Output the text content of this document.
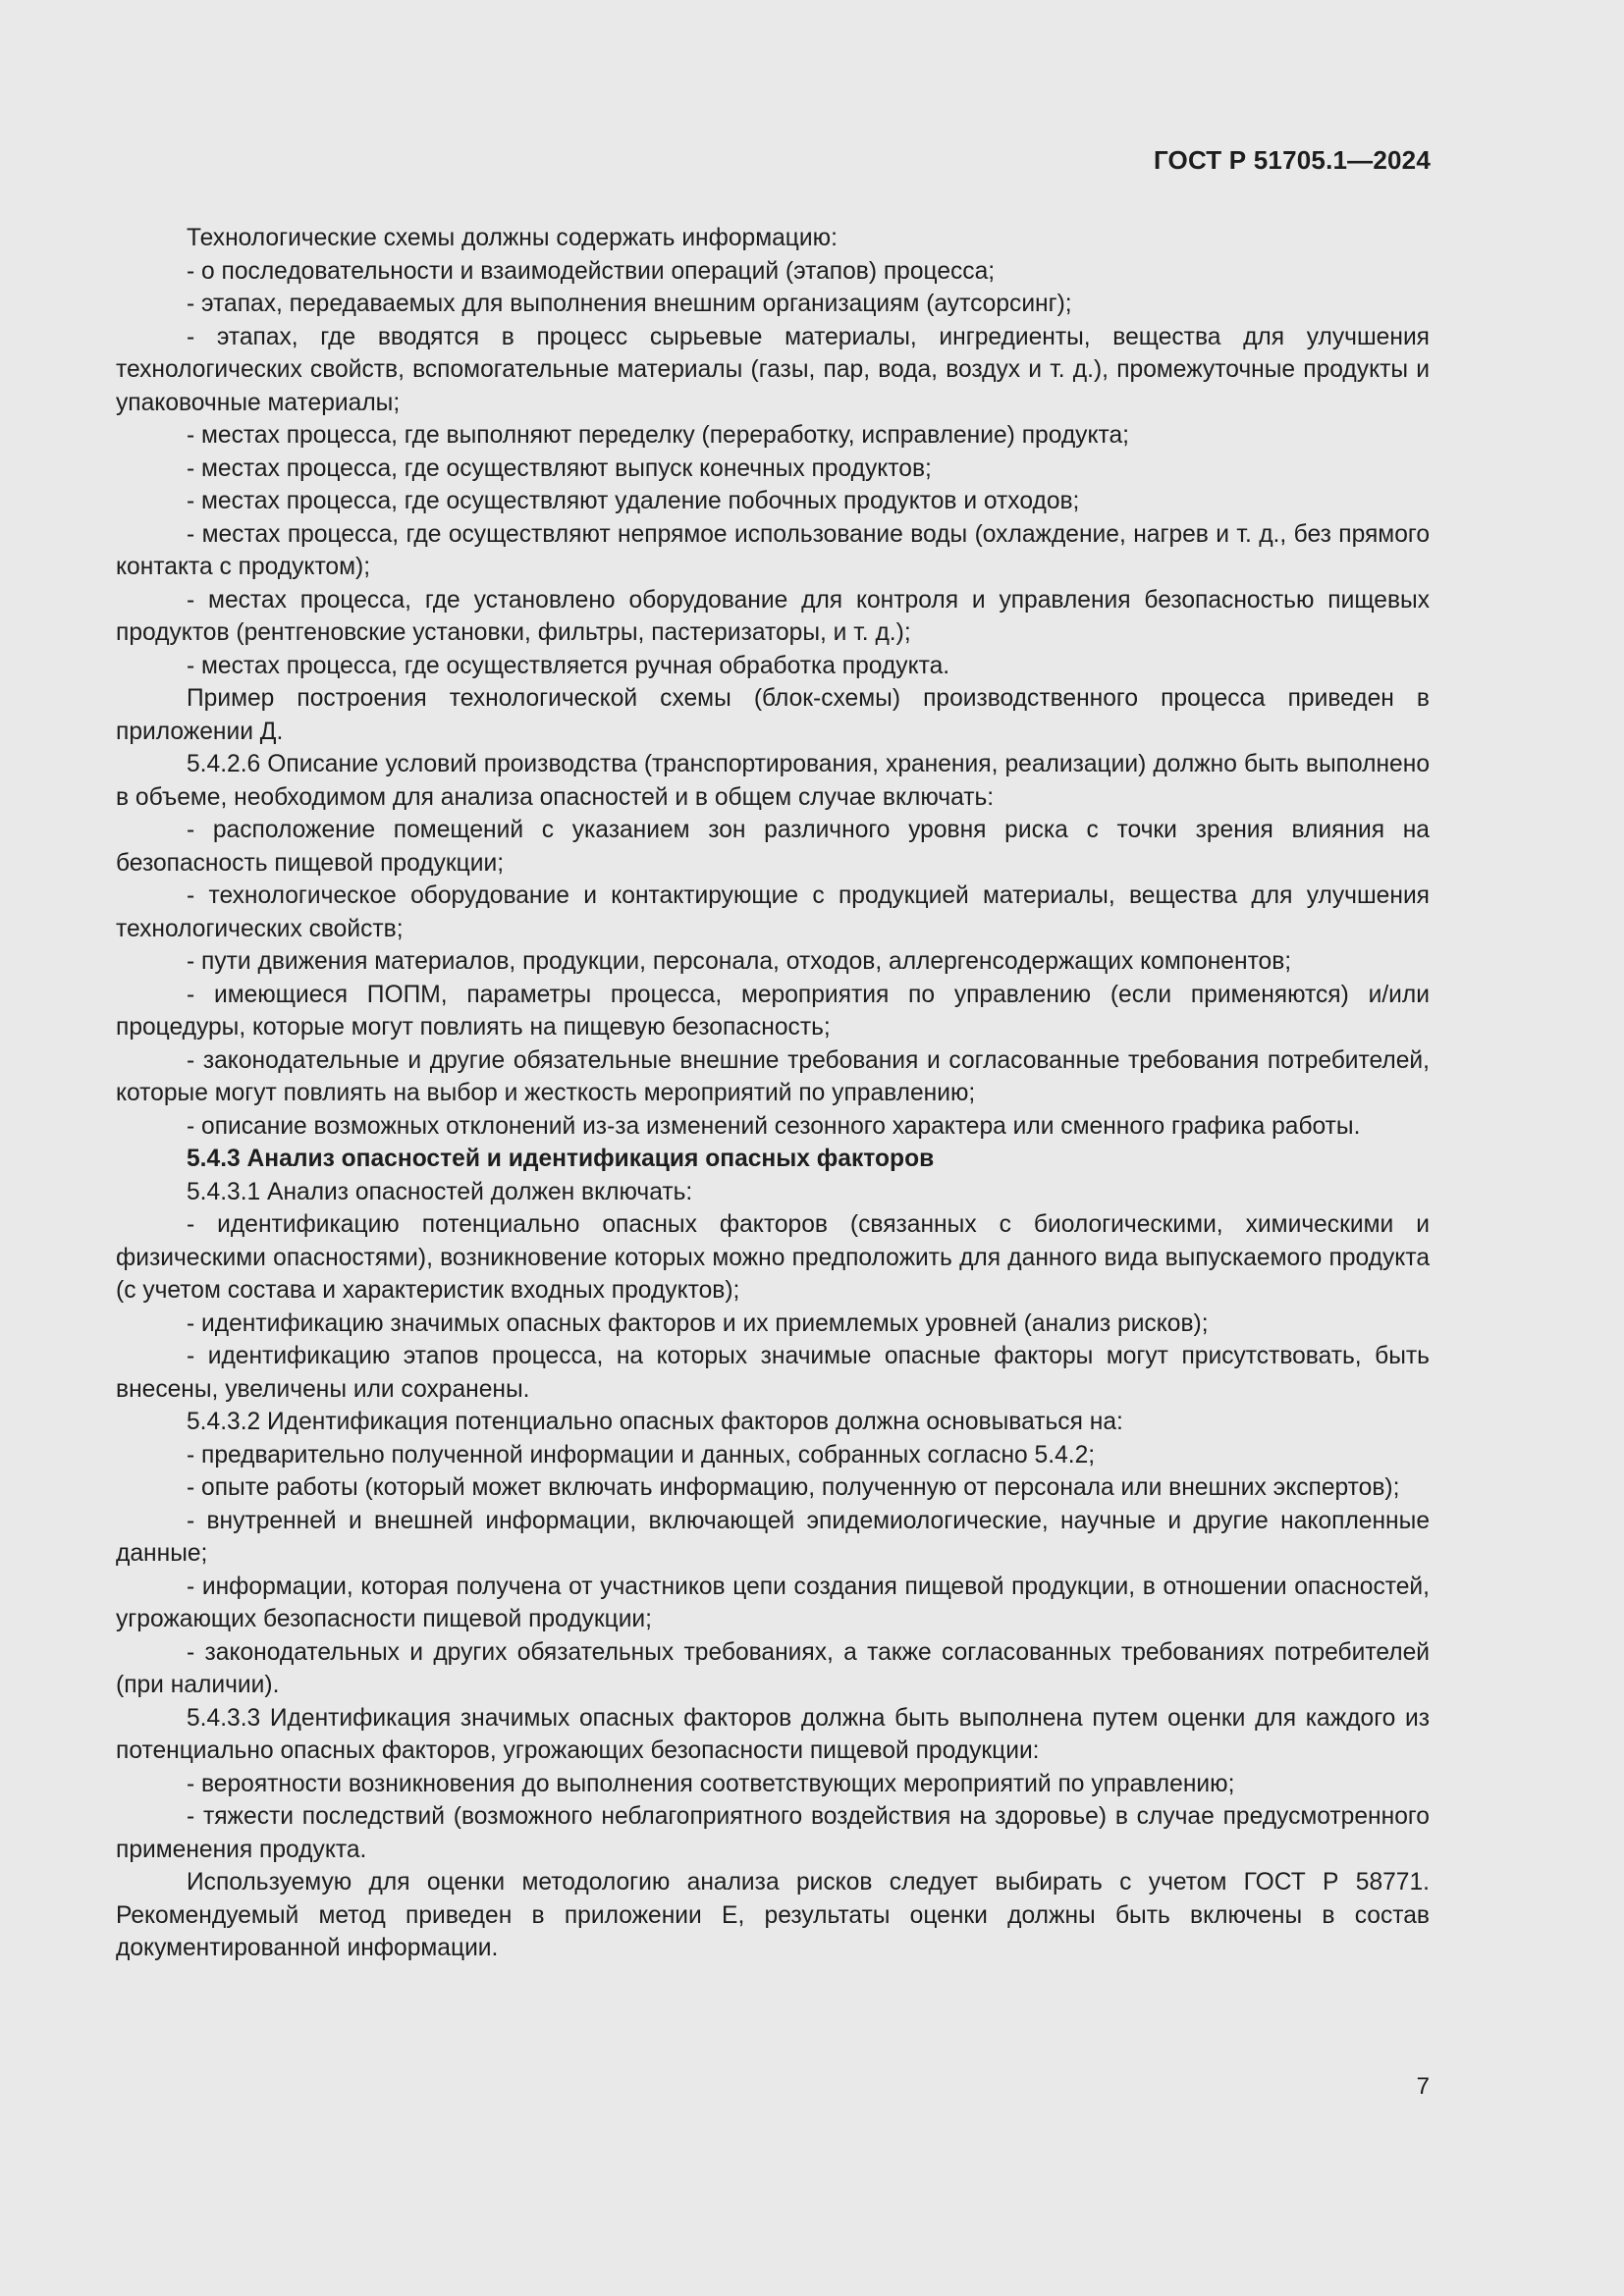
ГОСТ Р 51705.1—2024

Технологические схемы должны содержать информацию:

- о последовательности и взаимодействии операций (этапов) процесса;

- этапах, передаваемых для выполнения внешним организациям (аутсорсинг);

- этапах, где вводятся в процесс сырьевые материалы, ингредиенты, вещества для улучшения технологических свойств, вспомогательные материалы (газы, пар, вода, воздух и т. д.), промежуточные продукты и упаковочные материалы;

- местах процесса, где выполняют переделку (переработку, исправление) продукта;

- местах процесса, где осуществляют выпуск конечных продуктов;

- местах процесса, где осуществляют удаление побочных продуктов и отходов;

- местах процесса, где осуществляют непрямое использование воды (охлаждение, нагрев и т. д., без прямого контакта с продуктом);

- местах процесса, где установлено оборудование для контроля и управления безопасностью пищевых продуктов (рентгеновские установки, фильтры, пастеризаторы, и т. д.);

- местах процесса, где осуществляется ручная обработка продукта.

Пример построения технологической схемы (блок-схемы) производственного процесса приведен в приложении Д.

5.4.2.6 Описание условий производства (транспортирования, хранения, реализации) должно быть выполнено в объеме, необходимом для анализа опасностей и в общем случае включать:

- расположение помещений с указанием зон различного уровня риска с точки зрения влияния на безопасность пищевой продукции;

- технологическое оборудование и контактирующие с продукцией материалы, вещества для улучшения технологических свойств;

- пути движения материалов, продукции, персонала, отходов, аллергенсодержащих компонентов;

- имеющиеся ПОПМ, параметры процесса, мероприятия по управлению (если применяются) и/или процедуры, которые могут повлиять на пищевую безопасность;

- законодательные и другие обязательные внешние требования и согласованные требования потребителей, которые могут повлиять на выбор и жесткость мероприятий по управлению;

- описание возможных отклонений из-за изменений сезонного характера или сменного графика работы.

5.4.3 Анализ опасностей и идентификация опасных факторов

5.4.3.1 Анализ опасностей должен включать:

- идентификацию потенциально опасных факторов (связанных с биологическими, химическими и физическими опасностями), возникновение которых можно предположить для данного вида выпускаемого продукта (с учетом состава и характеристик входных продуктов);

- идентификацию значимых опасных факторов и их приемлемых уровней (анализ рисков);

- идентификацию этапов процесса, на которых значимые опасные факторы могут присутствовать, быть внесены, увеличены или сохранены.

5.4.3.2 Идентификация потенциально опасных факторов должна основываться на:

- предварительно полученной информации и данных, собранных согласно 5.4.2;

- опыте работы (который может включать информацию, полученную от персонала или внешних экспертов);

- внутренней и внешней информации, включающей эпидемиологические, научные и другие накопленные данные;

- информации, которая получена от участников цепи создания пищевой продукции, в отношении опасностей, угрожающих безопасности пищевой продукции;

- законодательных и других обязательных требованиях, а также согласованных требованиях потребителей (при наличии).

5.4.3.3 Идентификация значимых опасных факторов должна быть выполнена путем оценки для каждого из потенциально опасных факторов, угрожающих безопасности пищевой продукции:

- вероятности возникновения до выполнения соответствующих мероприятий по управлению;

- тяжести последствий (возможного неблагоприятного воздействия на здоровье) в случае предусмотренного применения продукта.

Используемую для оценки методологию анализа рисков следует выбирать с учетом ГОСТ Р 58771. Рекомендуемый метод приведен в приложении Е, результаты оценки должны быть включены в состав документированной информации.

7
